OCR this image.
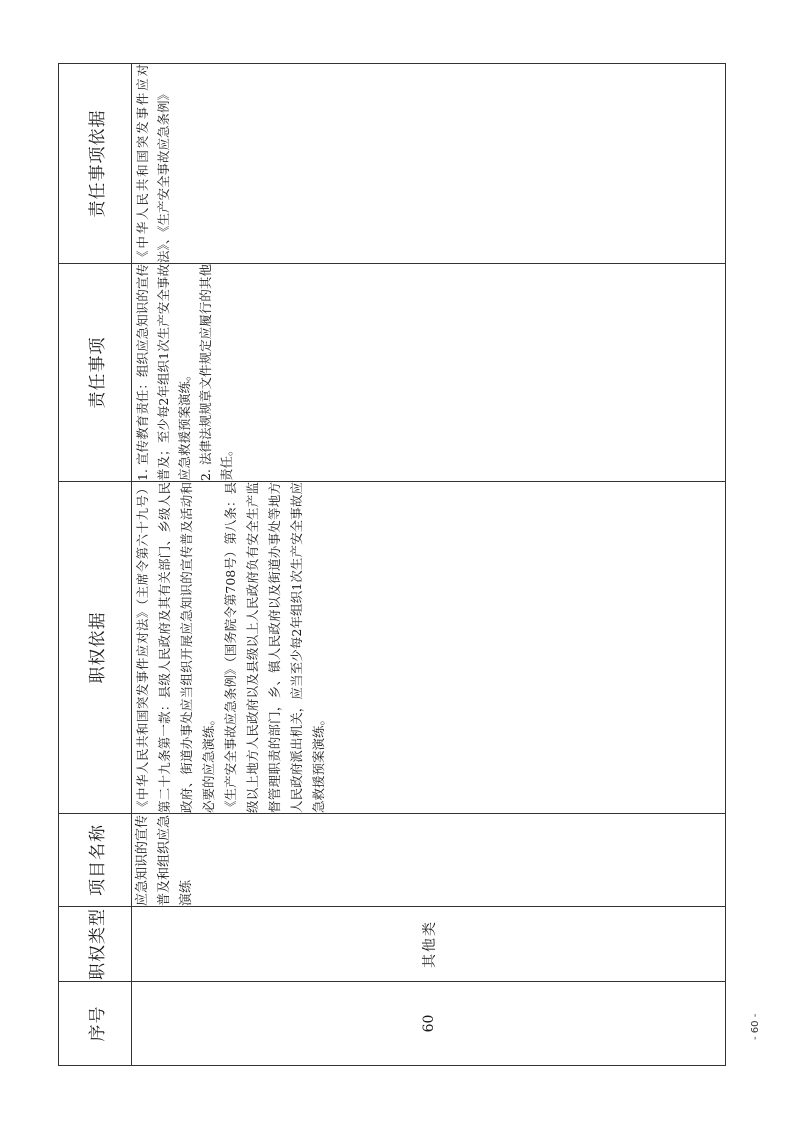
序号	职权类型	项目名称	职权依据	责任事项	责任事项依据
60	其他类	应急知识的宣传普及和组织应急演练	《中华人民共和国突发事件应对法》（主席令第六十九号）第二十九条第一款：县级人民政府及其有关部门、乡级人民政府、街道办事处应当组织开展应急知识的宣传普及活动和必要的应急演练。 《生产安全事故应急条例》（国务院令第708号）第八条：县级以上地方人民政府以及县级以上人民政府负有安全生产监督管理职责的部门，乡、镇人民政府以及街道办事处等地方人民政府派出机关，应当至少每2年组织1次生产安全事故应急救援预案演练。	1. 宣传教育责任：组织应急知识的宣传普及；至少每2年组织1次生产安全事故应急救援预案演练。 2. 法律法规规章文件规定应履行的其他责任。	《中华人民共和国突发事件应对法》、《生产安全事故应急条例》
- 60 -
